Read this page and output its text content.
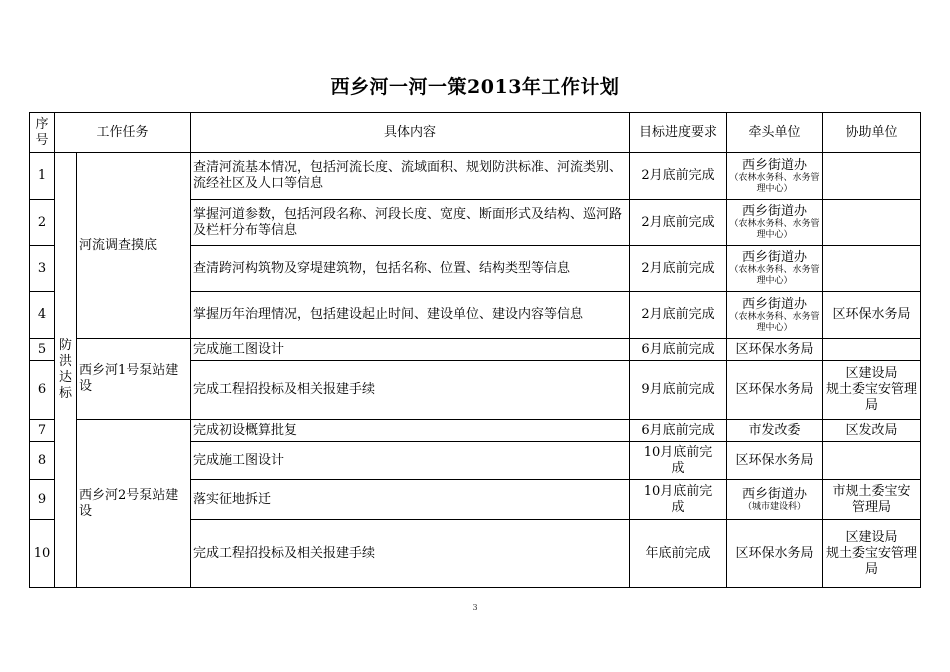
西乡河一河一策2013年工作计划
序号	工作任务		具体内容	目标进度要求	牵头单位	协助单位
1	防洪达标	河流调查摸底	查清河流基本情况，包括河流长度、流域面积、规划防洪标准、河流类别、流经社区及人口等信息	2月底前完成	西乡街道办
（农林水务科、水务管理中心）	

2			掌握河道参数，包括河段名称、河段长度、宽度、断面形式及结构、巡河路及栏杆分布等信息	2月底前完成	西乡街道办
（农林水务科、水务管理中心）	

3			查清跨河构筑物及穿堤建筑物，包括名称、位置、结构类型等信息	2月底前完成	西乡街道办
（农林水务科、水务管理中心）	

4			掌握历年治理情况，包括建设起止时间、建设单位、建设内容等信息	2月底前完成	西乡街道办
（农林水务科、水务管理中心）	区环保水务局
5		西乡河1号泵站建设	完成施工图设计	6月底前完成	区环保水务局	
6			完成工程招投标及相关报建手续	9月底前完成	区环保水务局	区建设局
规土委宝安管理局
7		西乡河2号泵站建设	完成初设概算批复	6月底前完成	市发改委	区发改局
8			完成施工图设计	10月底前完成	区环保水务局	
9			落实征地拆迁	10月底前完成	西乡街道办
（城市建设科）	市规土委宝安管理局
10			完成工程招投标及相关报建手续	年底前完成	区环保水务局	区建设局
规土委宝安管理局
3
